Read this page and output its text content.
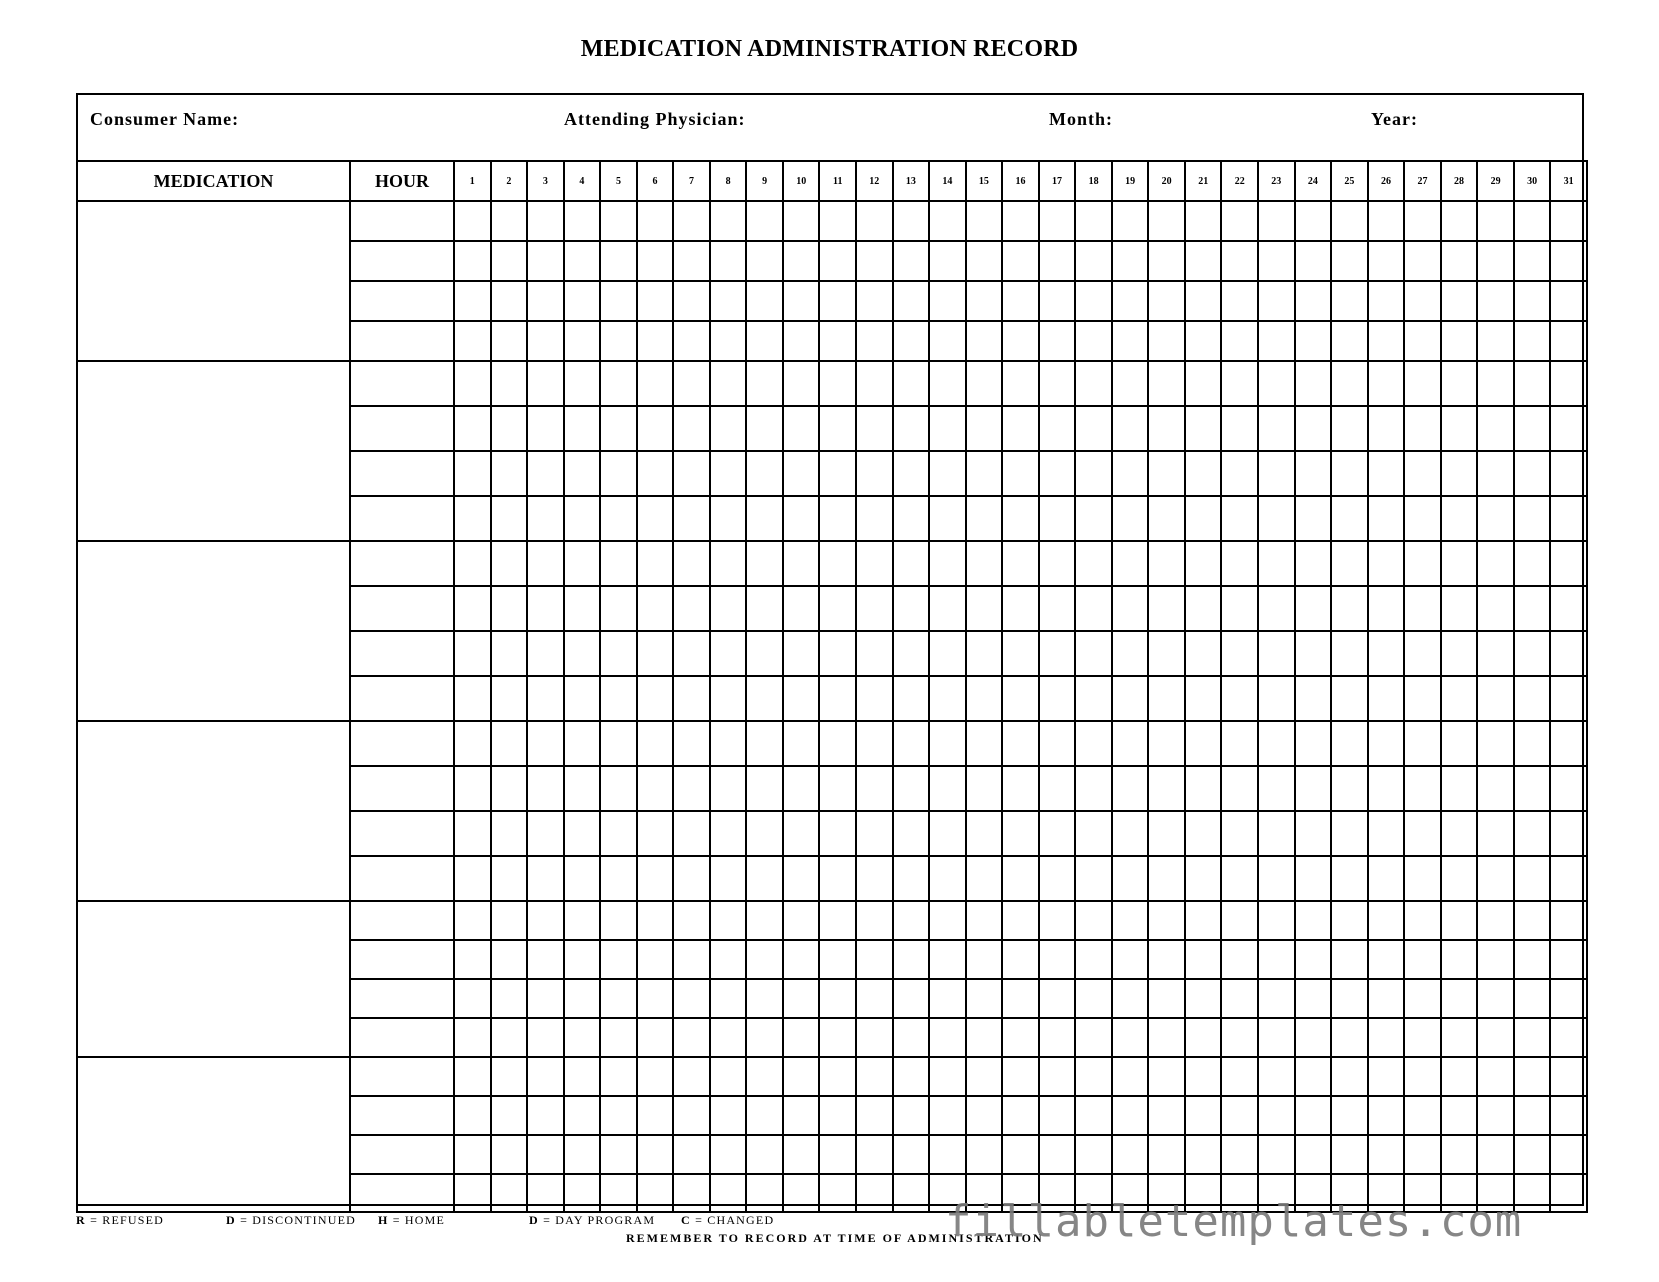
MEDICATION ADMINISTRATION RECORD
Consumer Name:	Attending Physician:	Month:	Year:
MEDICATION	HOUR	1	2	3	4	5	6	7	8	9	10	11	12	13	14	15	16	17	18	19	20	21	22	23	24	25	26	27	28	29	30	31

R = REFUSED	D = DISCONTINUED H = HOME	D = DAY PROGRAM C = CHANGED
REMEMBER TO RECORD AT TIME OF ADMINISTRATION
fillabletemplates.com
